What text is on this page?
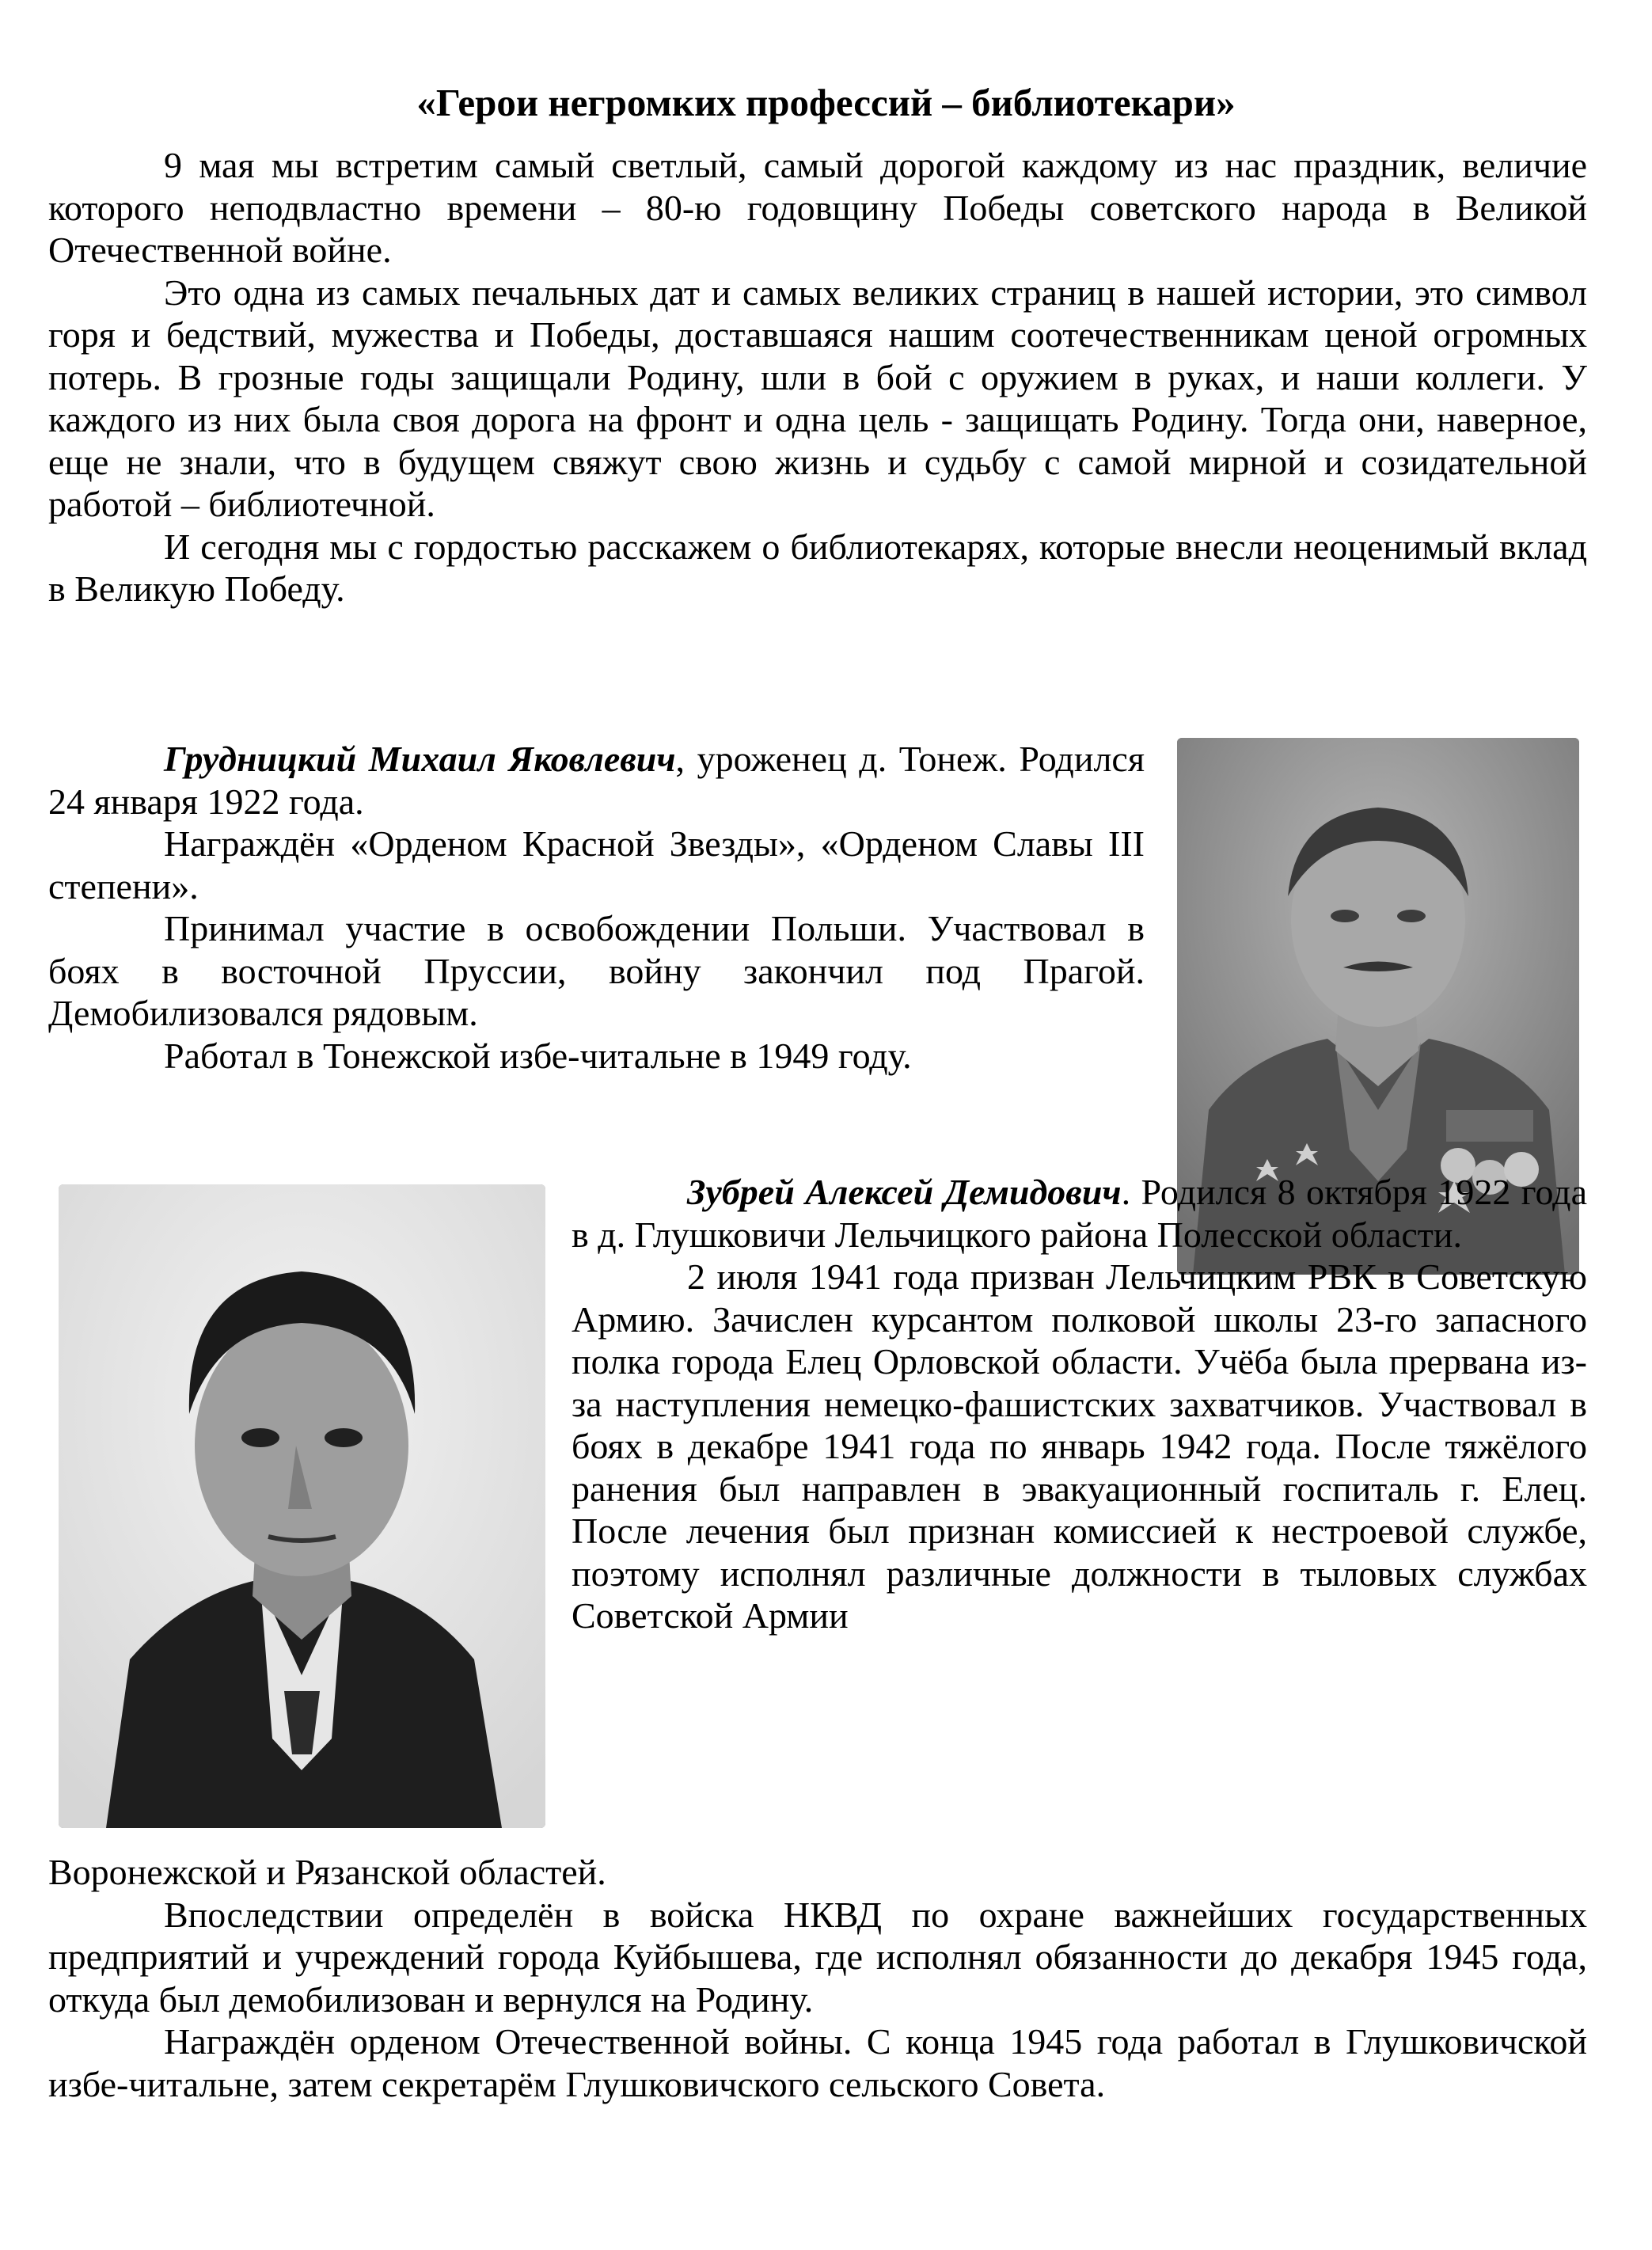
«Герои негромких профессий – библиотекари»

9 мая мы встретим самый светлый, самый дорогой каждому из нас праздник, величие которого неподвластно времени – 80-ю годовщину Победы советского народа в Великой Отечественной войне.

Это одна из самых печальных дат и самых великих страниц в нашей истории, это символ горя и бедствий, мужества и Победы, доставшаяся нашим соотечественникам ценой огромных потерь. В грозные годы защищали Родину, шли в бой с оружием в руках, и наши коллеги. У каждого из них была своя дорога на фронт и одна цель - защищать Родину. Тогда они, наверное, еще не знали, что в будущем свяжут свою жизнь и судьбу с самой мирной и созидательной работой – библиотечной.

И сегодня мы с гордостью расскажем о библиотекарях, которые внесли неоценимый вклад в Великую Победу.

Грудницкий Михаил Яковлевич, уроженец д. Тонеж. Родился 24 января 1922 года.

Награждён «Орденом Красной Звезды», «Орденом Славы III степени».

Принимал участие в освобождении Польши. Участвовал в боях в восточной Пруссии, войну закончил под Прагой. Демобилизовался рядовым.

Работал в Тонежской избе-читальне в 1949 году.

Зубрей Алексей Демидович. Родился 8 октября 1922 года в д. Глушковичи Лельчицкого района Полесской области.

2 июля 1941 года призван Лельчицким РВК в Советскую Армию. Зачислен курсантом полковой школы 23-го запасного полка города Елец Орловской области. Учёба была прервана из-за наступления немецко-фашистских захватчиков. Участвовал в боях в декабре 1941 года по январь 1942 года. После тяжёлого ранения был направлен в эвакуационный госпиталь г. Елец. После лечения был признан комиссией к нестроевой службе, поэтому исполнял различные должности в тыловых службах Советской Армии

Воронежской и Рязанской областей.

Впоследствии определён в войска НКВД по охране важнейших государственных предприятий и учреждений города Куйбышева, где исполнял обязанности до декабря 1945 года, откуда был демобилизован и вернулся на Родину.

Награждён орденом Отечественной войны. С конца 1945 года работал в Глушковичской избе-читальне, затем секретарём Глушковичского сельского Совета.
